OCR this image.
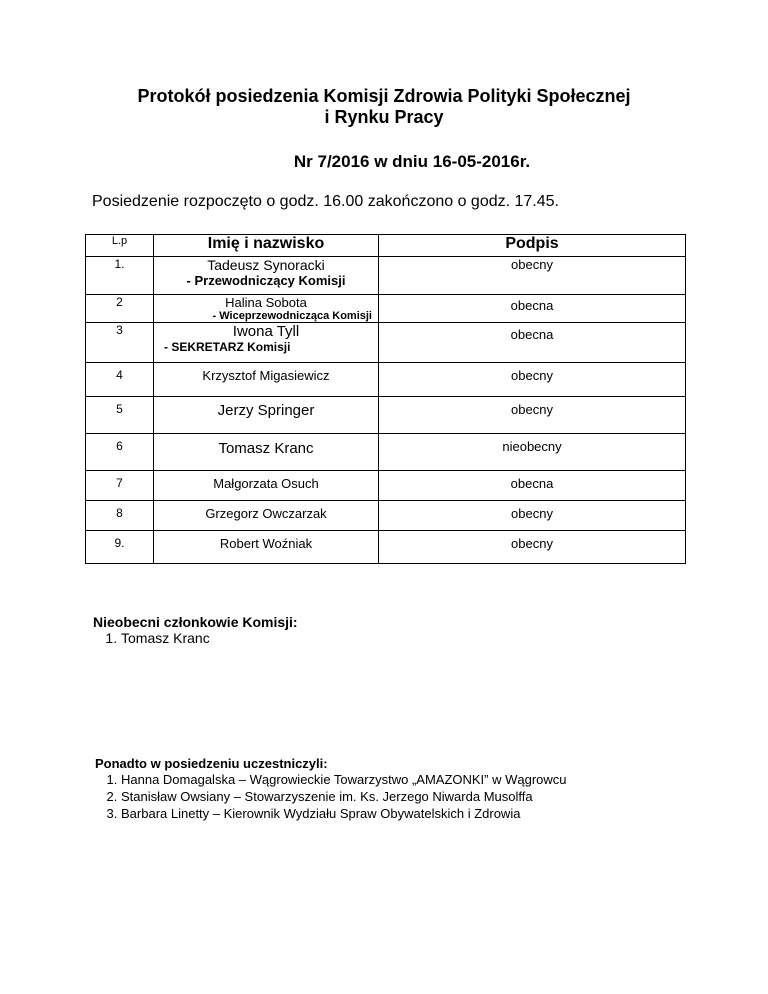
Protokół posiedzenia Komisji Zdrowia Polityki Społecznej
i Rynku Pracy
Nr 7/2016 w dniu 16-05-2016r.
Posiedzenie rozpoczęto o godz. 16.00 zakończono o godz. 17.45.
L.p	Imię i nazwisko	Podpis
1.	Tadeusz Synoracki
- Przewodniczący Komisji	obecny
2	Halina Sobota
- Wiceprzewodnicząca Komisji	obecna
3	Iwona Tyll
- SEKRETARZ Komisji	obecna
4	Krzysztof Migasiewicz	obecny
5	Jerzy Springer	obecny
6	Tomasz Kranc	nieobecny
7	Małgorzata Osuch	obecna
8	Grzegorz Owczarzak	obecny
9.	Robert Woźniak	obecny
Nieobecni członkowie Komisji:
1. Tomasz Kranc
Ponadto w posiedzeniu uczestniczyli:
1. Hanna Domagalska – Wągrowieckie Towarzystwo „AMAZONKI” w Wągrowcu
2. Stanisław Owsiany – Stowarzyszenie im. Ks. Jerzego Niwarda Musolffa
3. Barbara Linetty – Kierownik Wydziału Spraw Obywatelskich i Zdrowia
